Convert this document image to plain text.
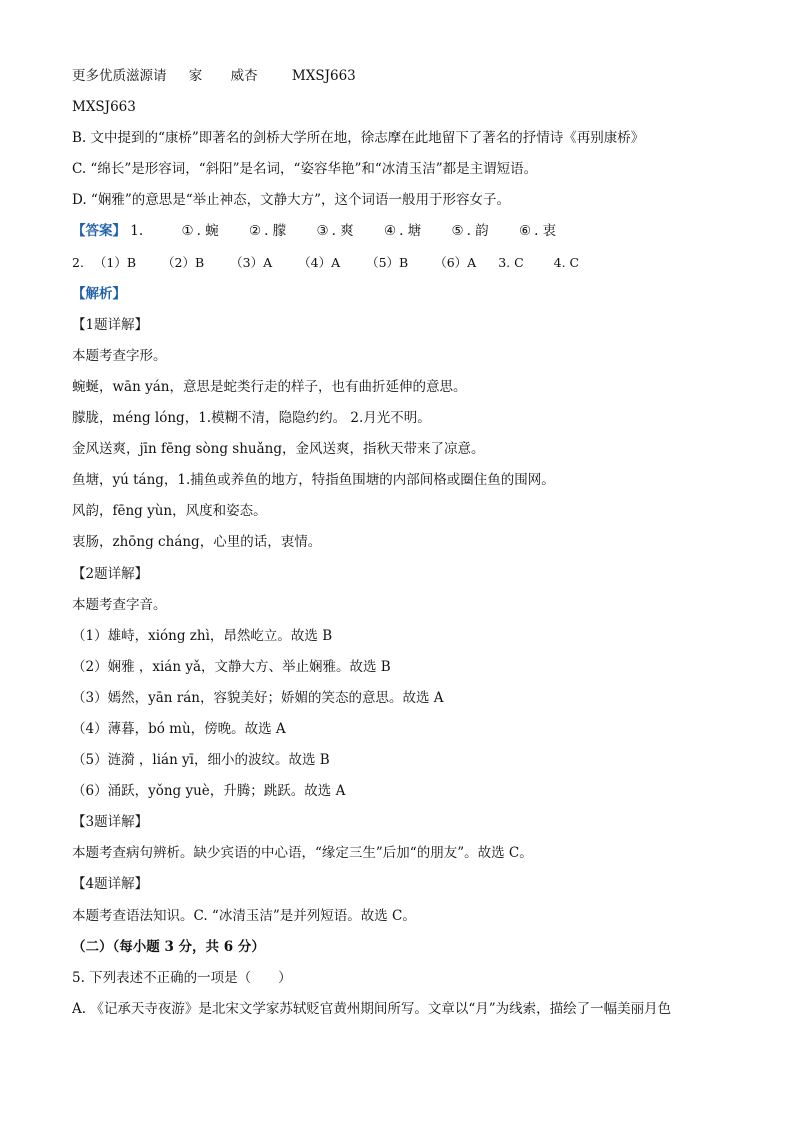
更多优质滋源请 家 威杏	MXSJ663
MXSJ663
B. 文中提到的“康桥”即著名的剑桥大学所在地，徐志摩在此地留下了著名的抒情诗《再别康桥》
C. “绵长”是形容词，“斜阳”是名词，“姿容华艳”和“冰清玉洁”都是主谓短语。
D. “娴雅”的意思是“举止神态，文静大方”，这个词语一般用于形容女子。
【答案】 1.	① . 蜿 ② . 朦 ③ . 爽 ④ . 塘 ⑤ . 韵 ⑥ . 衷
2. （1）B （2）B （3）A （4）A （5）B （6）A 3. C 4. C
【解析】
【1题详解】
本题考查字形。
蜿蜒，wān yán，意思是蛇类行走的样子，也有曲折延伸的意思。
朦胧，méng lóng，1.模糊不清，隐隐约约。 2.月光不明。
金风送爽，jīn fēng sòng shuǎng，金风送爽，指秋天带来了凉意。
鱼塘，yú táng，1.捕鱼或养鱼的地方，特指鱼围塘的内部间格或圈住鱼的围网。
风韵，fēng yùn，风度和姿态。
衷肠，zhōng cháng，心里的话，衷情。
【2题详解】
本题考查字音。
（1）雄峙，xióng zhì，昂然屹立。故选 B
（2）娴雅 ，xián yǎ，文静大方、举止娴雅。故选 B
（3）嫣然，yān rán，容貌美好；娇媚的笑态的意思。故选 A
（4）薄暮，bó mù，傍晚。故选 A
（5）涟漪 ，lián yī，细小的波纹。故选 B
（6）涌跃，yǒng yuè，升腾；跳跃。故选 A
【3题详解】
本题考查病句辨析。缺少宾语的中心语，“缘定三生”后加“的朋友”。故选 C。
【4题详解】
本题考查语法知识。C. “冰清玉洁”是并列短语。故选 C。
（二）（每小题 3 分，共 6 分）
5. 下列表述不正确的一项是（　　）
A. 《记承天寺夜游》是北宋文学家苏轼贬官黄州期间所写。文章以“月”为线索，描绘了一幅美丽月色
